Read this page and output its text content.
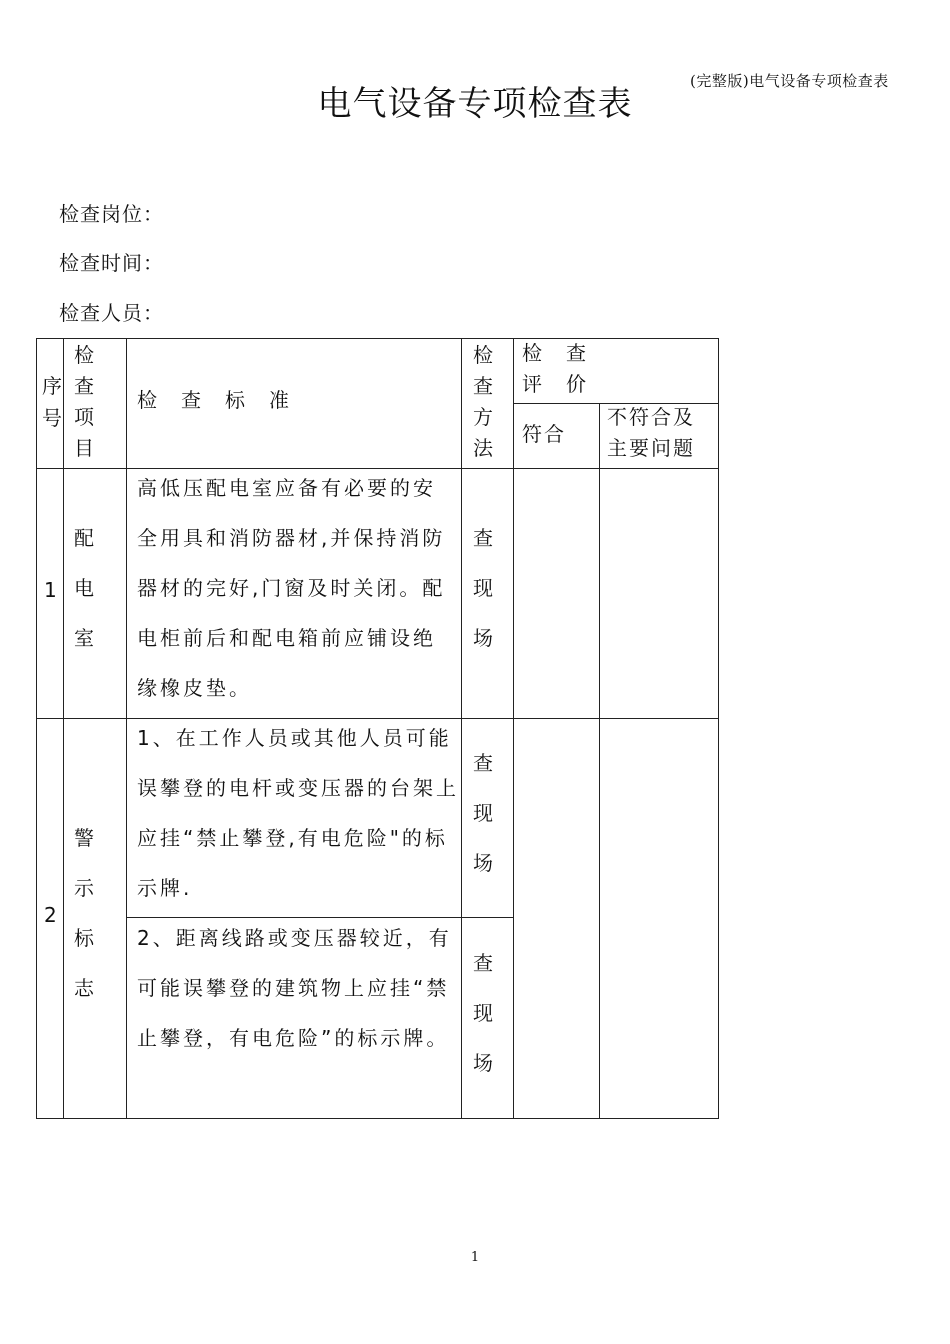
(完整版)电气设备专项检查表
电气设备专项检查表
检查岗位：
检查时间：
检查人员：
序号
检查项目
检　查　标　准
检查方法
检　查
评　价
符合
不符合及主要问题
1
配电室
高低压配电室应备有必要的安全用具和消防器材,并保持消防器材的完好,门窗及时关闭。配电柜前后和配电箱前应铺设绝缘橡皮垫。
查现场
2
警示标志
1、在工作人员或其他人员可能误攀登的电杆或变压器的台架上应挂“禁止攀登,有电危险"的标示牌.
查现场
2、距离线路或变压器较近，有可能误攀登的建筑物上应挂“禁止攀登，有电危险”的标示牌。
查现场
1
